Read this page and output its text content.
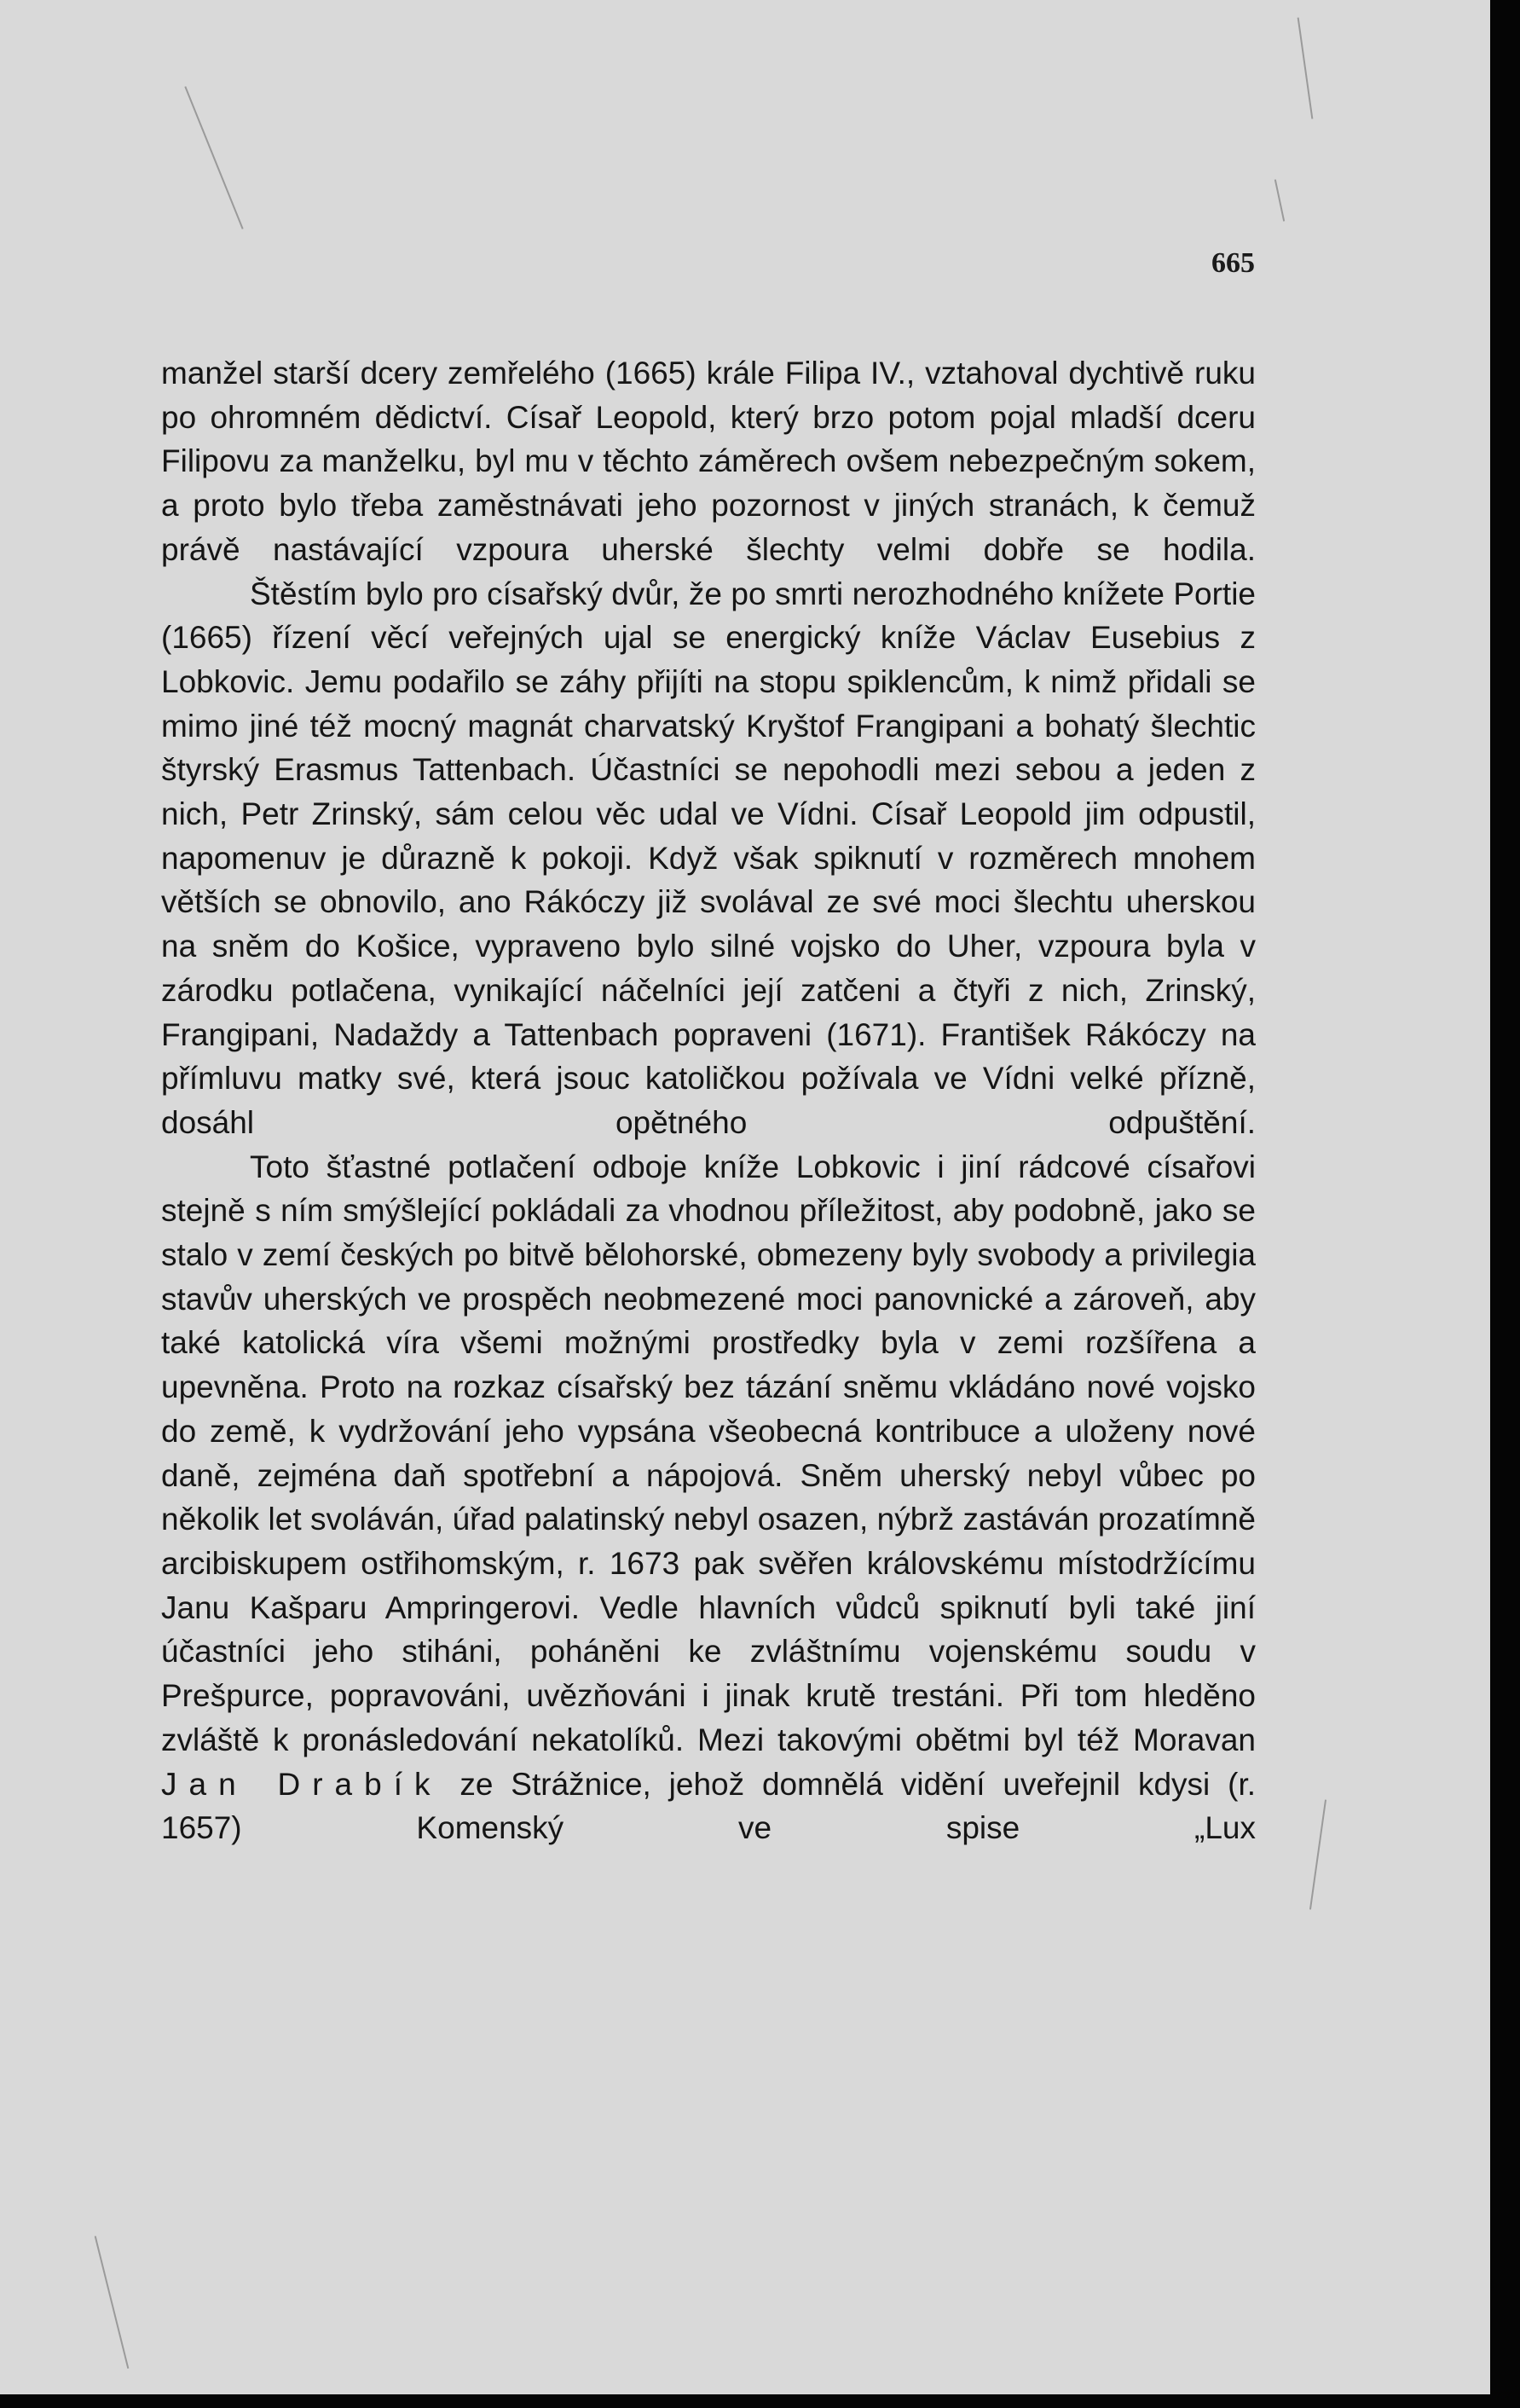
665

manžel starší dcery zemřelého (1665) krále Filipa IV., vztahoval dychtivě ruku po ohromném dědictví. Císař Leopold, který brzo potom pojal mladší dceru Filipovu za manželku, byl mu v těchto záměrech ovšem nebezpečným sokem, a proto bylo třeba zaměstnávati jeho pozornost v jiných stranách, k čemuž právě nastávající vzpoura uherské šlechty velmi dobře se hodila.

Štěstím bylo pro císařský dvůr, že po smrti nerozhodného knížete Portie (1665) řízení věcí veřejných ujal se energický kníže Václav Eusebius z Lobkovic. Jemu podařilo se záhy přijíti na stopu spiklencům, k nimž přidali se mimo jiné též mocný magnát charvatský Kryštof Frangipani a bohatý šlechtic štyrský Erasmus Tattenbach. Účastníci se nepohodli mezi sebou a jeden z nich, Petr Zrinský, sám celou věc udal ve Vídni. Císař Leopold jim odpustil, napomenuv je důrazně k pokoji. Když však spiknutí v rozměrech mnohem větších se obnovilo, ano Rákóczy již svolával ze své moci šlechtu uherskou na sněm do Košice, vypraveno bylo silné vojsko do Uher, vzpoura byla v zárodku potlačena, vynikající náčelníci její zatčeni a čtyři z nich, Zrinský, Frangipani, Nadaždy a Tattenbach popraveni (1671). František Rákóczy na přímluvu matky své, která jsouc katoličkou požívala ve Vídni velké přízně, dosáhl opětného odpuštění.

Toto šťastné potlačení odboje kníže Lobkovic i jiní rádcové císařovi stejně s ním smýšlející pokládali za vhodnou příležitost, aby podobně, jako se stalo v zemí českých po bitvě bělohorské, obmezeny byly svobody a privilegia stavův uherských ve prospěch neobmezené moci panovnické a zároveň, aby také katolická víra všemi možnými prostředky byla v zemi rozšířena a upevněna. Proto na rozkaz císařský bez tázání sněmu vkládáno nové vojsko do země, k vydržování jeho vypsána všeobecná kontribuce a uloženy nové daně, zejména daň spotřební a nápojová. Sněm uherský nebyl vůbec po několik let svoláván, úřad palatinský nebyl osazen, nýbrž zastáván prozatímně arcibiskupem ostřihomským, r. 1673 pak svěřen královskému místodržícímu Janu Kašparu Ampringerovi. Vedle hlavních vůdců spiknutí byli také jiní účastníci jeho stiháni, poháněni ke zvláštnímu vojenskému soudu v Prešpurce, popravováni, uvězňováni i jinak krutě trestáni. Při tom hleděno zvláště k pronásledování nekatolíků. Mezi takovými obětmi byl též Moravan Jan Drabík ze Strážnice, jehož domnělá vidění uveřejnil kdysi (r. 1657) Komenský ve spise „Lux
